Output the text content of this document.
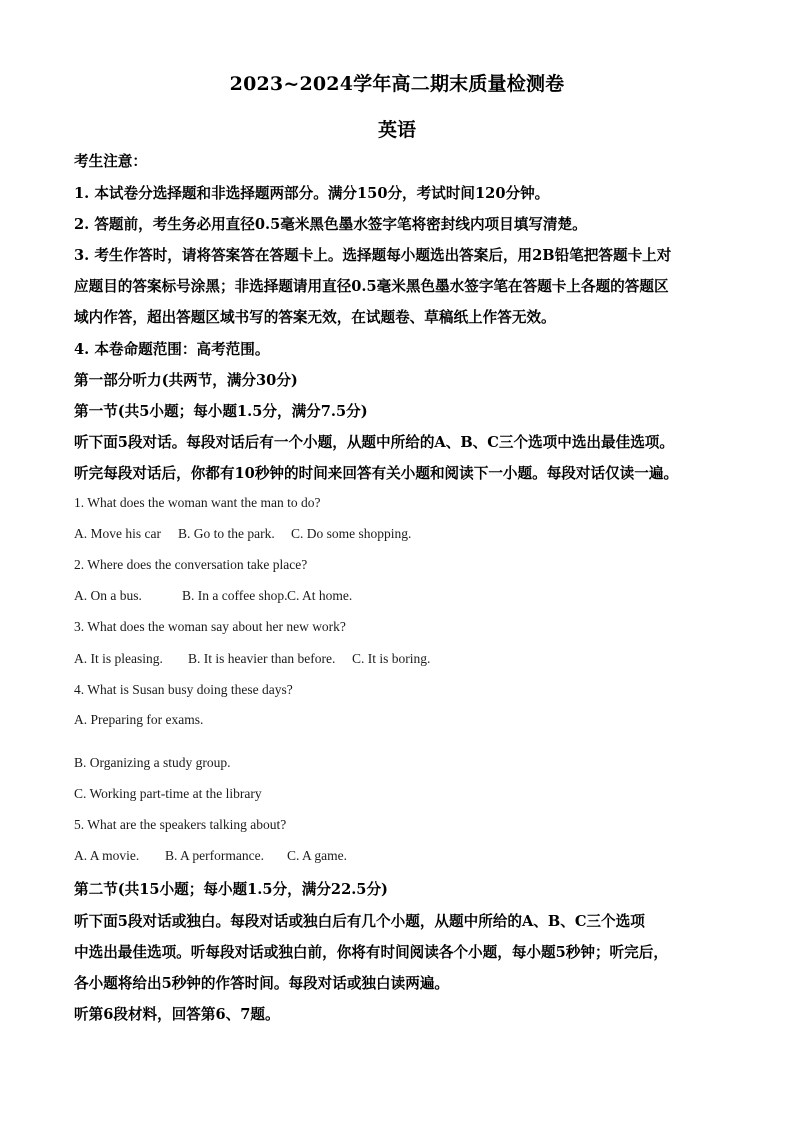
2023~2024学年高二期末质量检测卷
英语
考生注意：
1. 本试卷分选择题和非选择题两部分。满分150分，考试时间120分钟。
2. 答题前，考生务必用直径0.5毫米黑色墨水签字笔将密封线内项目填写清楚。
3. 考生作答时，请将答案答在答题卡上。选择题每小题选出答案后，用2B铅笔把答题卡上对
应题目的答案标号涂黑；非选择题请用直径0.5毫米黑色墨水签字笔在答题卡上各题的答题区
域内作答，超出答题区域书写的答案无效，在试题卷、草稿纸上作答无效。
4. 本卷命题范围：高考范围。
第一部分听力(共两节，满分30分)
第一节(共5小题；每小题1.5分，满分7.5分)
听下面5段对话。每段对话后有一个小题，从题中所给的A、B、C三个选项中选出最佳选项。
听完每段对话后，你都有10秒钟的时间来回答有关小题和阅读下一小题。每段对话仅读一遍。
1. What does the woman want the man to do?
A. Move his car B. Go to the park. C. Do some shopping.
2. Where does the conversation take place?
A. On a bus.	B. In a coffee shop.C. At home.
3. What does the woman say about her new work?
A. It is pleasing. B. It is heavier than before. C. It is boring.
4. What is Susan busy doing these days?
A. Preparing for exams.
B. Organizing a study group.
C. Working part-time at the library
5. What are the speakers talking about?
A. A movie. B. A performance. C. A game.
第二节(共15小题；每小题1.5分，满分22.5分)
听下面5段对话或独白。每段对话或独白后有几个小题，从题中所给的A、B、C三个选项
中选出最佳选项。听每段对话或独白前，你将有时间阅读各个小题，每小题5秒钟；听完后，
各小题将给出5秒钟的作答时间。每段对话或独白读两遍。
听第6段材料，回答第6、7题。
